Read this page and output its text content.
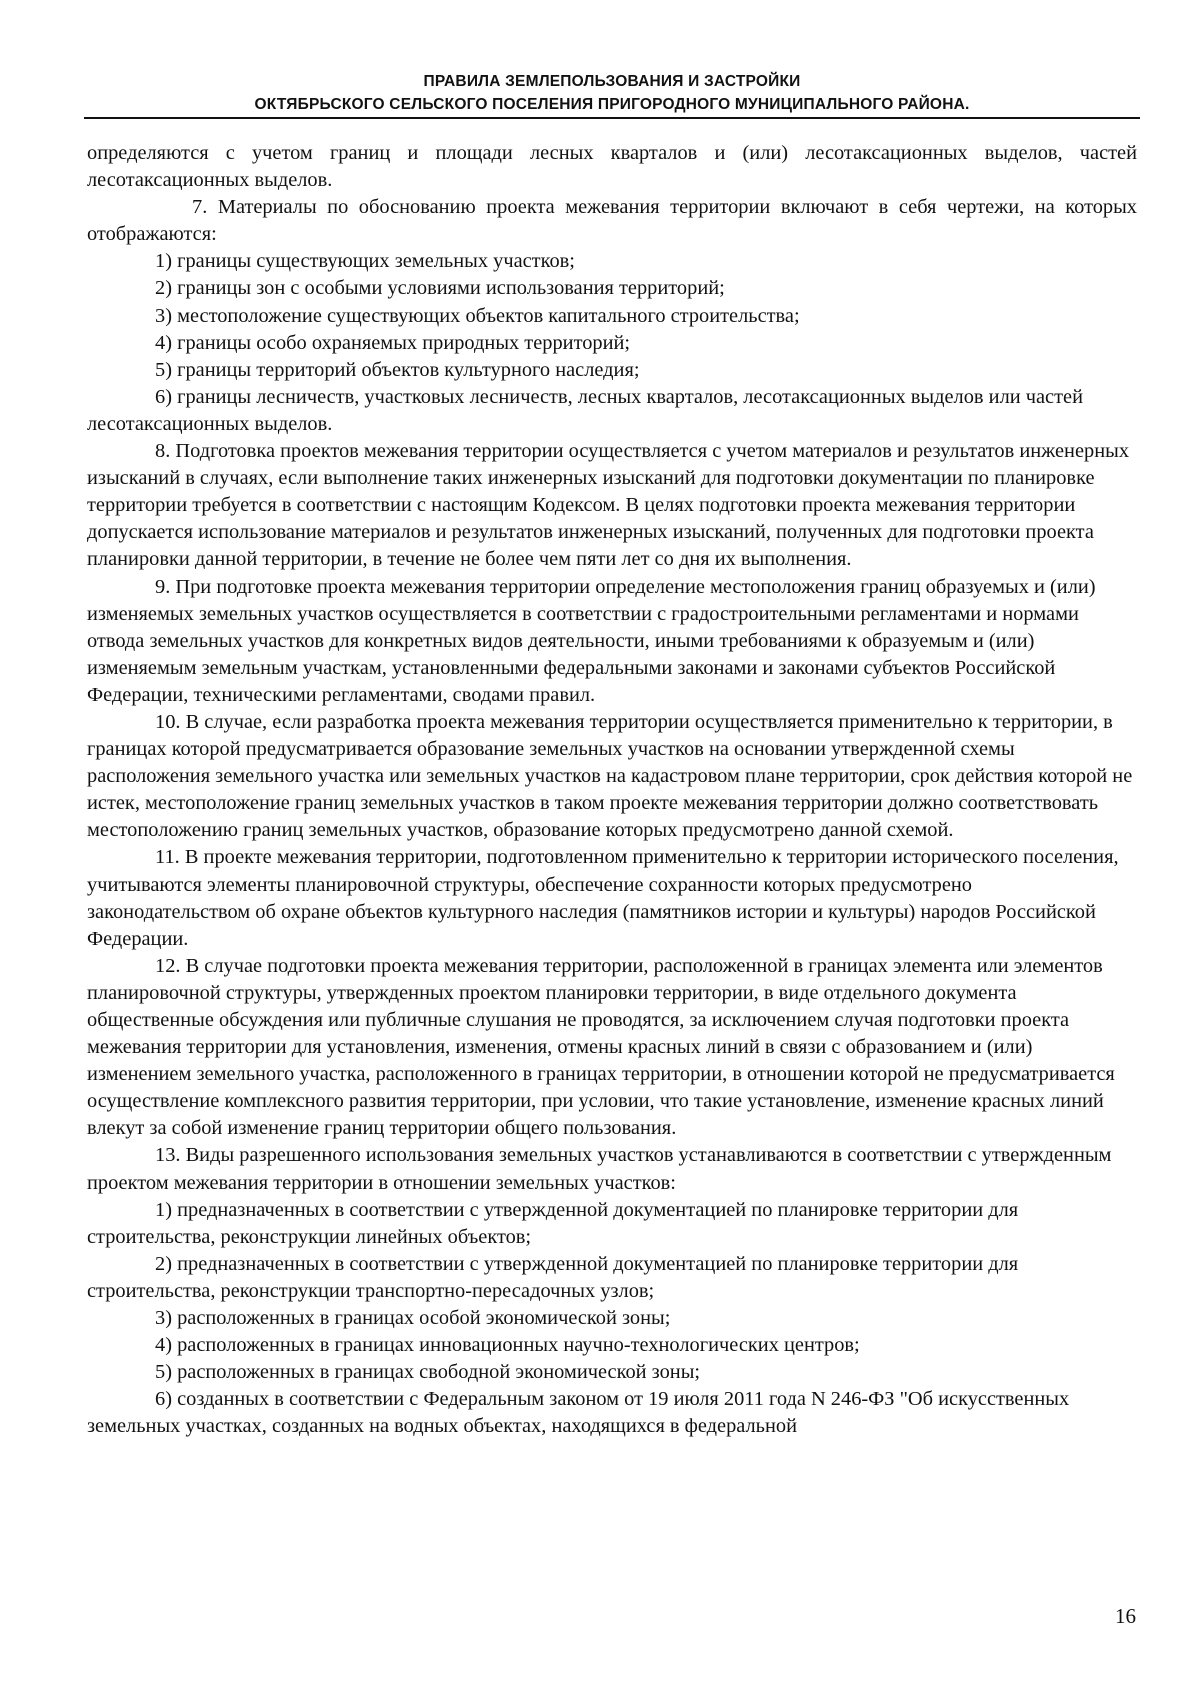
ПРАВИЛА ЗЕМЛЕПОЛЬЗОВАНИЯ И ЗАСТРОЙКИ
ОКТЯБРЬСКОГО СЕЛЬСКОГО ПОСЕЛЕНИЯ ПРИГОРОДНОГО МУНИЦИПАЛЬНОГО РАЙОНА.

определяются с учетом границ и площади лесных кварталов и (или) лесотаксационных выделов, частей лесотаксационных выделов.

7. Материалы по обоснованию проекта межевания территории включают в себя чертежи, на которых отображаются:

1) границы существующих земельных участков;

2) границы зон с особыми условиями использования территорий;

3) местоположение существующих объектов капитального строительства;

4) границы особо охраняемых природных территорий;

5) границы территорий объектов культурного наследия;

6) границы лесничеств, участковых лесничеств, лесных кварталов, лесотаксационных выделов или частей лесотаксационных выделов.

8. Подготовка проектов межевания территории осуществляется с учетом материалов и результатов инженерных изысканий в случаях, если выполнение таких инженерных изысканий для подготовки документации по планировке территории требуется в соответствии с настоящим Кодексом. В целях подготовки проекта межевания территории допускается использование материалов и результатов инженерных изысканий, полученных для подготовки проекта планировки данной территории, в течение не более чем пяти лет со дня их выполнения.

9. При подготовке проекта межевания территории определение местоположения границ образуемых и (или) изменяемых земельных участков осуществляется в соответствии с градостроительными регламентами и нормами отвода земельных участков для конкретных видов деятельности, иными требованиями к образуемым и (или) изменяемым земельным участкам, установленными федеральными законами и законами субъектов Российской Федерации, техническими регламентами, сводами правил.

10. В случае, если разработка проекта межевания территории осуществляется применительно к территории, в границах которой предусматривается образование земельных участков на основании утвержденной схемы расположения земельного участка или земельных участков на кадастровом плане территории, срок действия которой не истек, местоположение границ земельных участков в таком проекте межевания территории должно соответствовать местоположению границ земельных участков, образование которых предусмотрено данной схемой.

11. В проекте межевания территории, подготовленном применительно к территории исторического поселения, учитываются элементы планировочной структуры, обеспечение сохранности которых предусмотрено законодательством об охране объектов культурного наследия (памятников истории и культуры) народов Российской Федерации.

12. В случае подготовки проекта межевания территории, расположенной в границах элемента или элементов планировочной структуры, утвержденных проектом планировки территории, в виде отдельного документа общественные обсуждения или публичные слушания не проводятся, за исключением случая подготовки проекта межевания территории для установления, изменения, отмены красных линий в связи с образованием и (или) изменением земельного участка, расположенного в границах территории, в отношении которой не предусматривается осуществление комплексного развития территории, при условии, что такие установление, изменение красных линий влекут за собой изменение границ территории общего пользования.

13. Виды разрешенного использования земельных участков устанавливаются в соответствии с утвержденным проектом межевания территории в отношении земельных участков:

1) предназначенных в соответствии с утвержденной документацией по планировке территории для строительства, реконструкции линейных объектов;

2) предназначенных в соответствии с утвержденной документацией по планировке территории для строительства, реконструкции транспортно-пересадочных узлов;

3) расположенных в границах особой экономической зоны;

4) расположенных в границах инновационных научно-технологических центров;

5) расположенных в границах свободной экономической зоны;

6) созданных в соответствии с Федеральным законом от 19 июля 2011 года N 246-ФЗ "Об искусственных земельных участках, созданных на водных объектах, находящихся в федеральной

16
